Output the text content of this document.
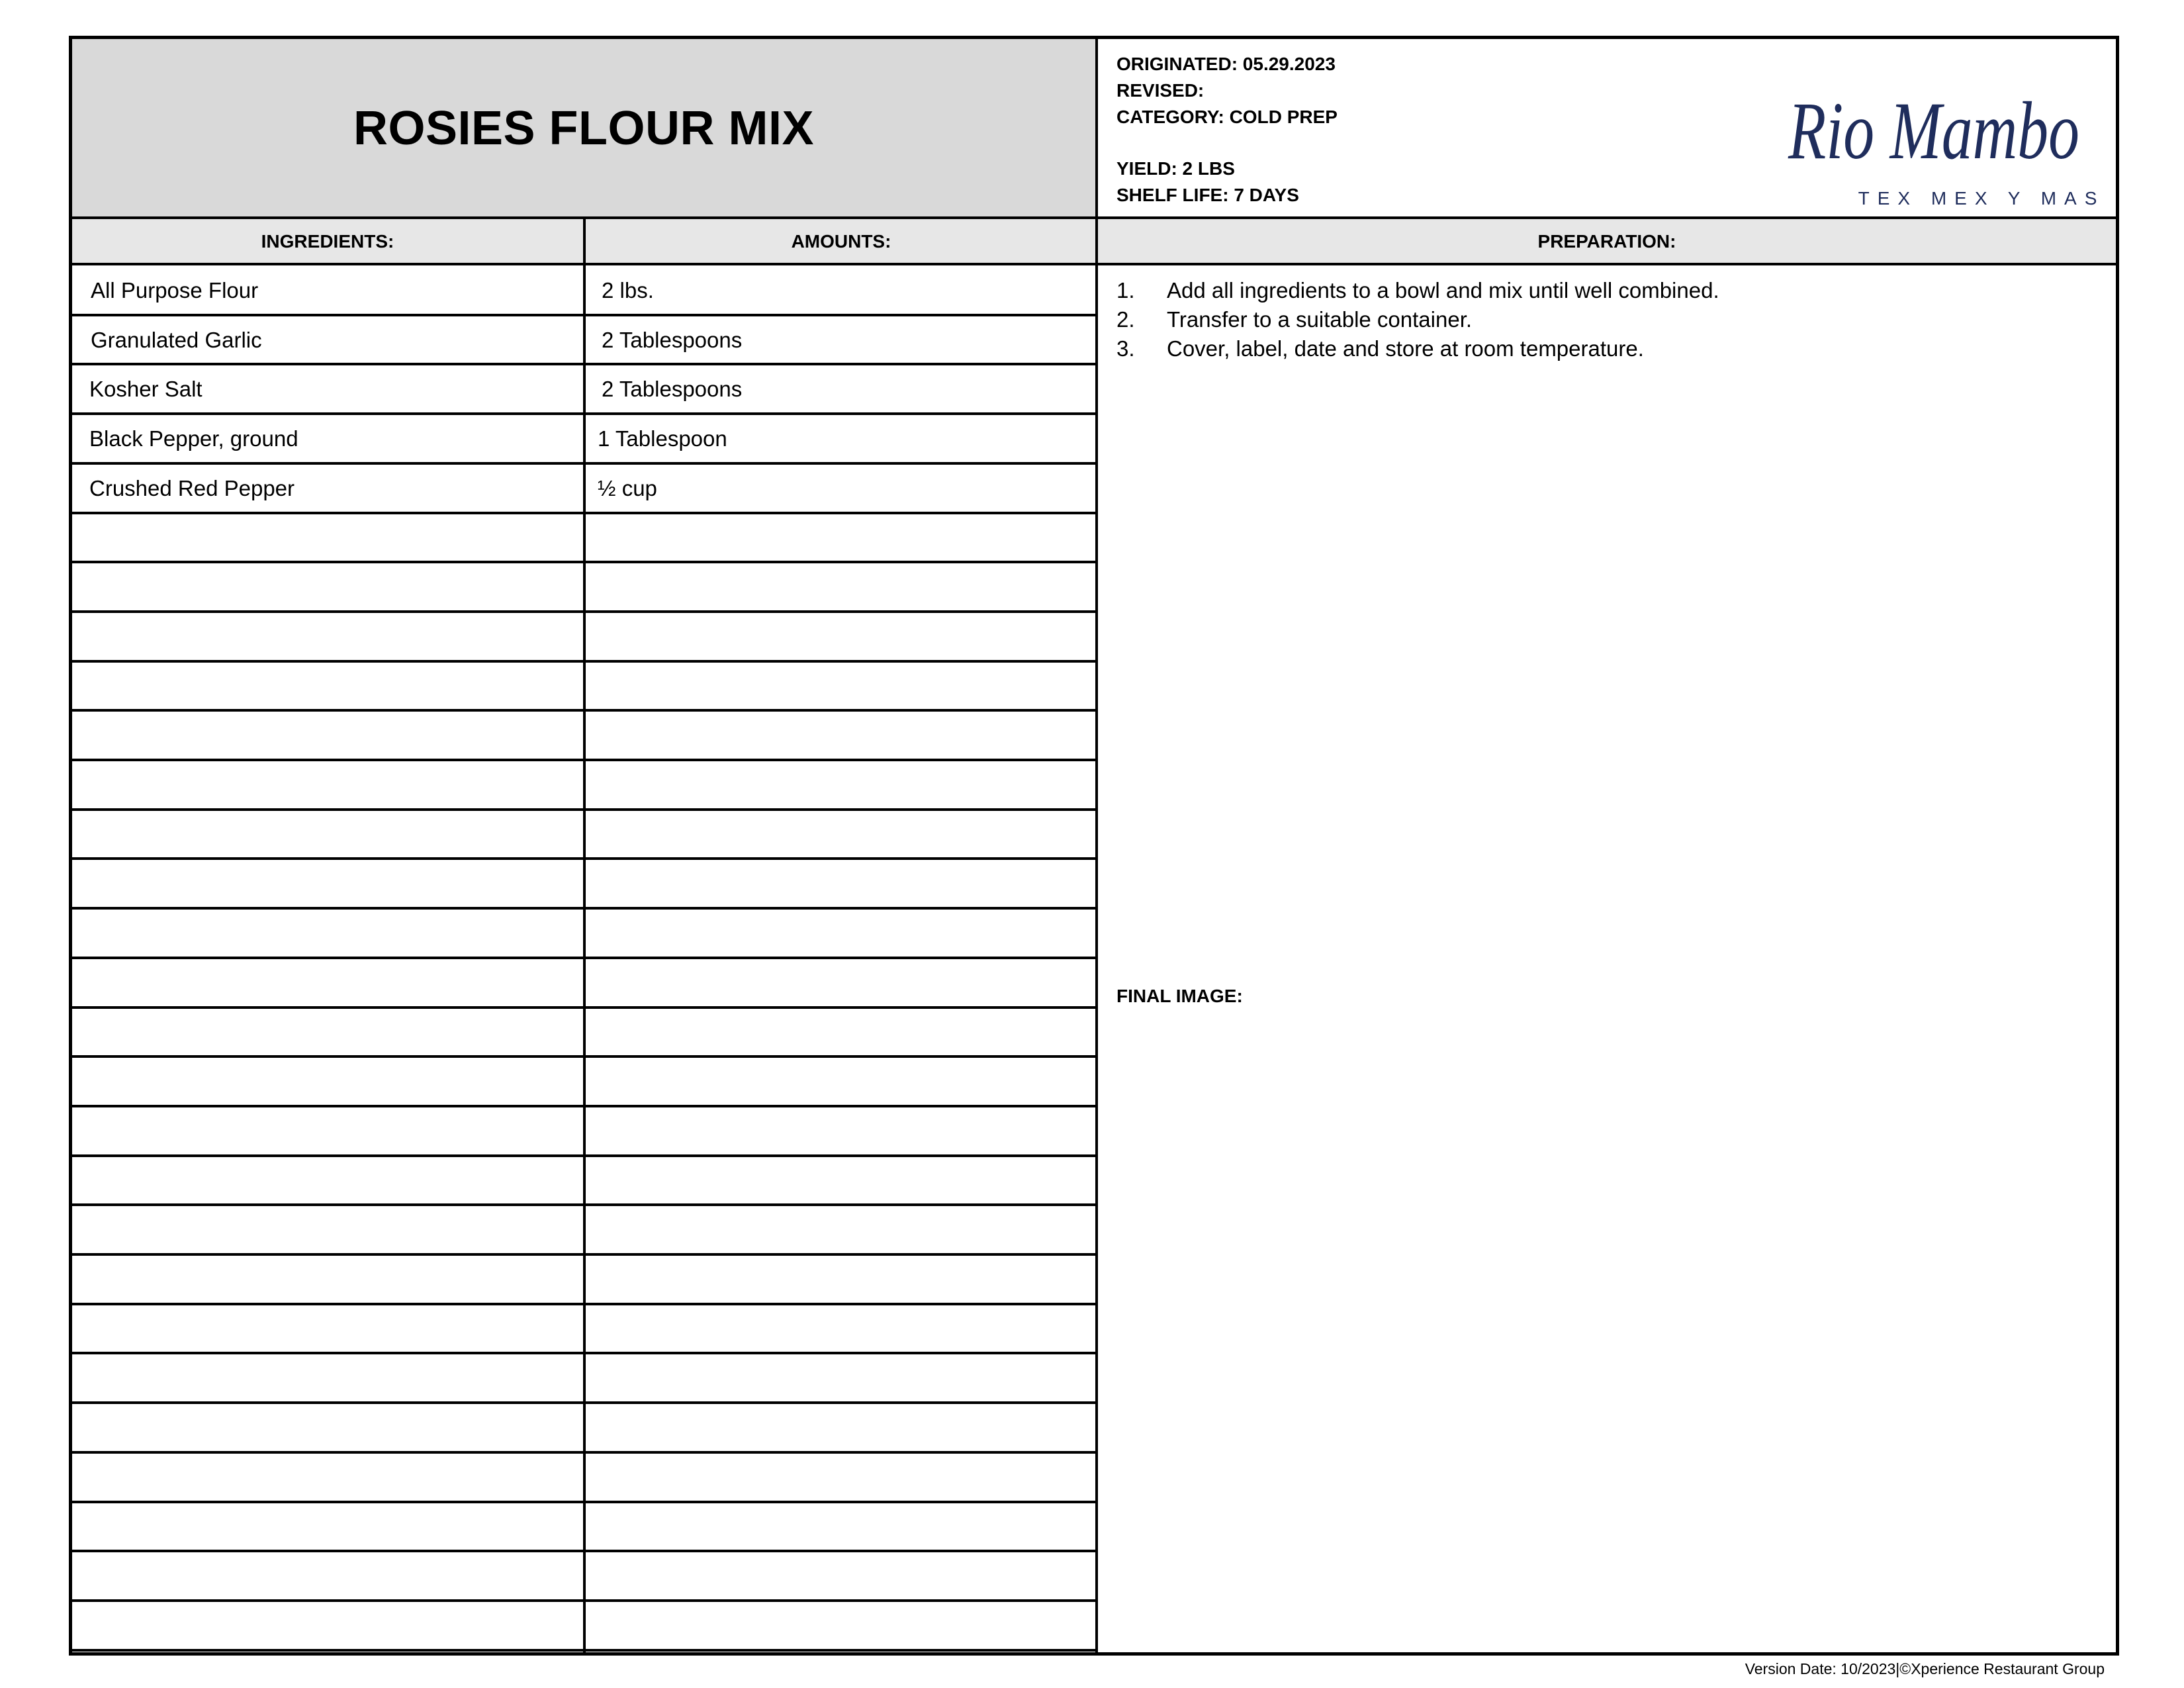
ROSIES FLOUR MIX
ORIGINATED: 05.29.2023
REVISED:
CATEGORY: COLD PREP
YIELD: 2 LBS
SHELF LIFE: 7 DAYS
Rio Mambo
TEX MEX Y MAS
INGREDIENTS:	AMOUNTS:	PREPARATION:
All Purpose Flour	2 lbs.
Granulated Garlic	2 Tablespoons
Kosher Salt	2 Tablespoons
Black Pepper, ground	1 Tablespoon
Crushed Red Pepper	½ cup
1.	Add all ingredients to a bowl and mix until well combined.
2.	Transfer to a suitable container.
3.	Cover, label, date and store at room temperature.
FINAL IMAGE:
Version Date: 10/2023|©Xperience Restaurant Group
